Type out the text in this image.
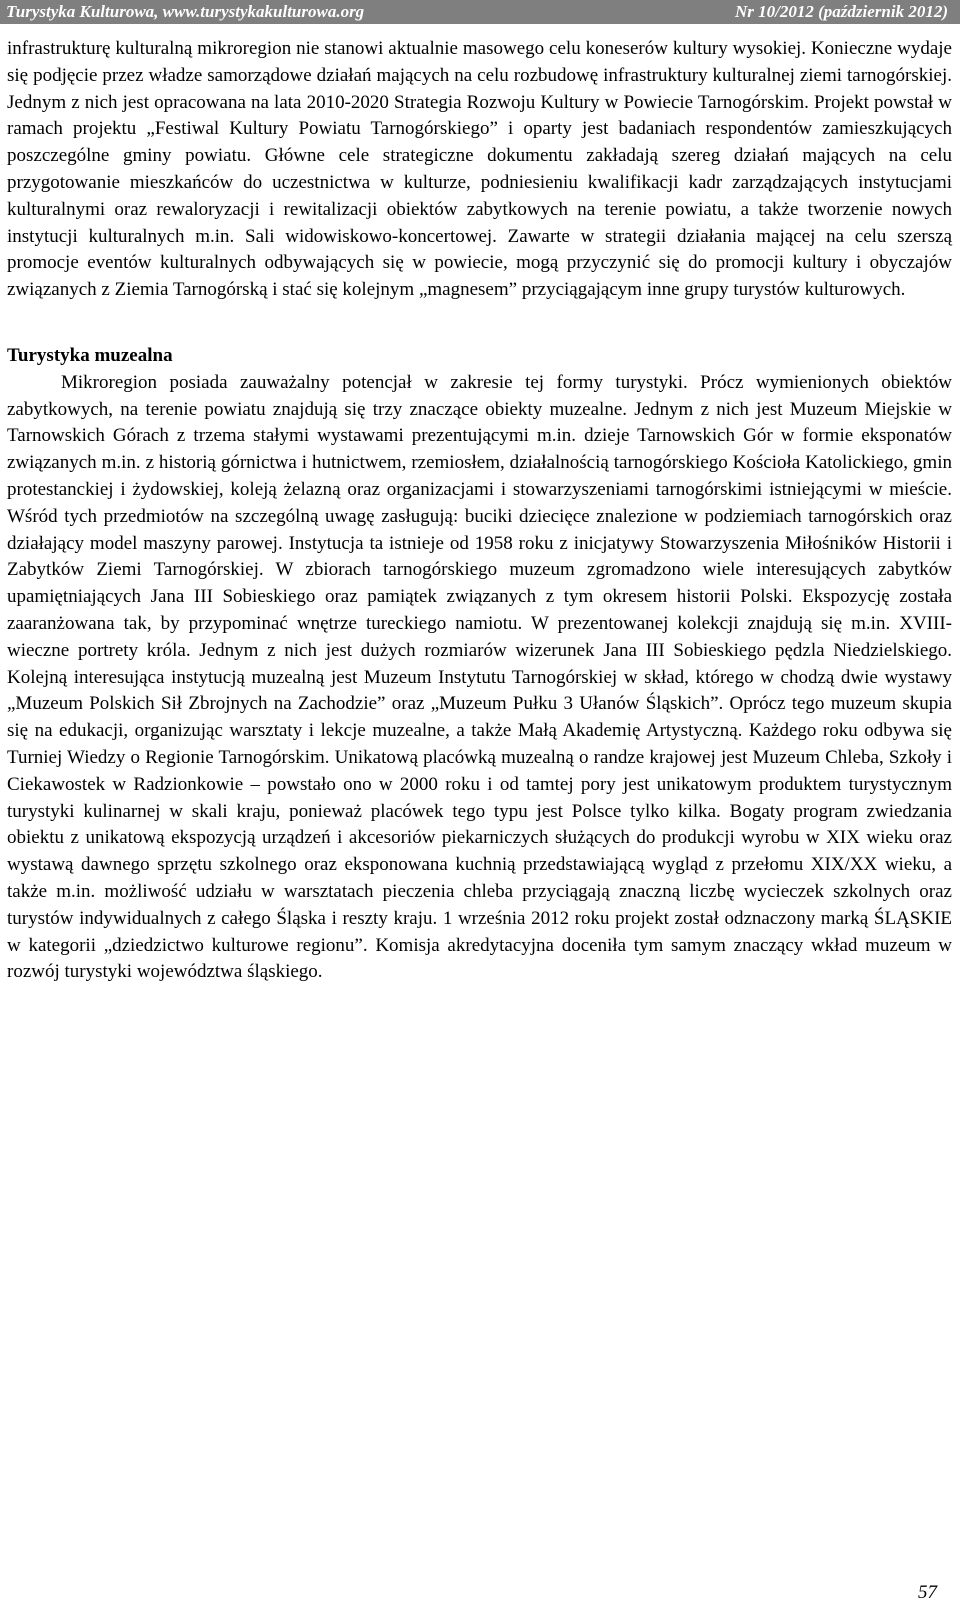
Turystyka Kulturowa, www.turystykakulturowa.org	Nr 10/2012 (październik 2012)

infrastrukturę kulturalną mikroregion nie stanowi aktualnie masowego celu koneserów kultury wysokiej. Konieczne wydaje się podjęcie przez władze samorządowe działań mających na celu rozbudowę infrastruktury kulturalnej ziemi tarnogórskiej. Jednym z nich jest opracowana na lata 2010-2020 Strategia Rozwoju Kultury w Powiecie Tarnogórskim. Projekt powstał w ramach projektu „Festiwal Kultury Powiatu Tarnogórskiego” i oparty jest badaniach respondentów zamieszkujących poszczególne gminy powiatu. Główne cele strategiczne dokumentu zakładają szereg działań mających na celu przygotowanie mieszkańców do uczestnictwa w kulturze, podniesieniu kwalifikacji kadr zarządzających instytucjami kulturalnymi oraz rewaloryzacji i rewitalizacji obiektów zabytkowych na terenie powiatu, a także tworzenie nowych instytucji kulturalnych m.in. Sali widowiskowo-koncertowej. Zawarte w strategii działania mającej na celu szerszą promocje eventów kulturalnych odbywających się w powiecie, mogą przyczynić się do promocji kultury i obyczajów związanych z Ziemia Tarnogórską i stać się kolejnym „magnesem” przyciągającym inne grupy turystów kulturowych.

Turystyka muzealna

Mikroregion posiada zauważalny potencjał w zakresie tej formy turystyki. Prócz wymienionych obiektów zabytkowych, na terenie powiatu znajdują się trzy znaczące obiekty muzealne. Jednym z nich jest Muzeum Miejskie w Tarnowskich Górach z trzema stałymi wystawami prezentującymi m.in. dzieje Tarnowskich Gór w formie eksponatów związanych m.in. z historią górnictwa i hutnictwem, rzemiosłem, działalnością tarnogórskiego Kościoła Katolickiego, gmin protestanckiej i żydowskiej, koleją żelazną oraz organizacjami i stowarzyszeniami tarnogórskimi istniejącymi w mieście. Wśród tych przedmiotów na szczególną uwagę zasługują: buciki dziecięce znalezione w podziemiach tarnogórskich oraz działający model maszyny parowej. Instytucja ta istnieje od 1958 roku z inicjatywy Stowarzyszenia Miłośników Historii i Zabytków Ziemi Tarnogórskiej. W zbiorach tarnogórskiego muzeum zgromadzono wiele interesujących zabytków upamiętniających Jana III Sobieskiego oraz pamiątek związanych z tym okresem historii Polski. Ekspozycję została zaaranżowana tak, by przypominać wnętrze tureckiego namiotu. W prezentowanej kolekcji znajdują się m.in. XVIII-wieczne portrety króla. Jednym z nich jest dużych rozmiarów wizerunek Jana III Sobieskiego pędzla Niedzielskiego. Kolejną interesująca instytucją muzealną jest Muzeum Instytutu Tarnogórskiej w skład, którego w chodzą dwie wystawy „Muzeum Polskich Sił Zbrojnych na Zachodzie” oraz „Muzeum Pułku 3 Ułanów Śląskich”. Oprócz tego muzeum skupia się na edukacji, organizując warsztaty i lekcje muzealne, a także Małą Akademię Artystyczną. Każdego roku odbywa się Turniej Wiedzy o Regionie Tarnogórskim. Unikatową placówką muzealną o randze krajowej jest Muzeum Chleba, Szkoły i Ciekawostek w Radzionkowie – powstało ono w 2000 roku i od tamtej pory jest unikatowym produktem turystycznym turystyki kulinarnej w skali kraju, ponieważ placówek tego typu jest Polsce tylko kilka. Bogaty program zwiedzania obiektu z unikatową ekspozycją urządzeń i akcesoriów piekarniczych służących do produkcji wyrobu w XIX wieku oraz wystawą dawnego sprzętu szkolnego oraz eksponowana kuchnią przedstawiającą wygląd z przełomu XIX/XX wieku, a także m.in. możliwość udziału w warsztatach pieczenia chleba przyciągają znaczną liczbę wycieczek szkolnych oraz turystów indywidualnych z całego Śląska i reszty kraju. 1 września 2012 roku projekt został odznaczony marką ŚLĄSKIE w kategorii „dziedzictwo kulturowe regionu”. Komisja akredytacyjna doceniła tym samym znaczący wkład muzeum w rozwój turystyki województwa śląskiego.

57
